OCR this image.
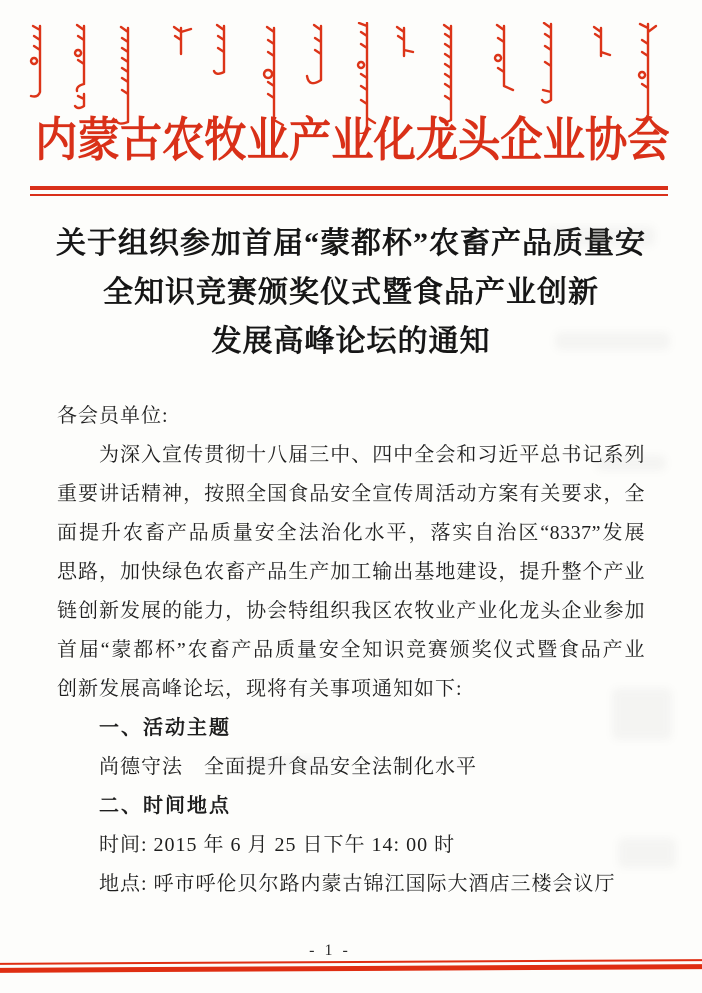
内蒙古农牧业产业化龙头企业协会
关于组织参加首届“蒙都杯”农畜产品质量安
全知识竞赛颁奖仪式暨食品产业创新
发展高峰论坛的通知
各会员单位:
为深入宣传贯彻十八届三中、四中全会和习近平总书记系列
重要讲话精神，按照全国食品安全宣传周活动方案有关要求，全
面提升农畜产品质量安全法治化水平，落实自治区“8337”发展
思路，加快绿色农畜产品生产加工输出基地建设，提升整个产业
链创新发展的能力，协会特组织我区农牧业产业化龙头企业参加
首届“蒙都杯”农畜产品质量安全知识竞赛颁奖仪式暨食品产业
创新发展高峰论坛，现将有关事项通知如下:
一、活动主题
尚德守法　全面提升食品安全法制化水平
二、时间地点
时间: 2015 年 6 月 25 日下午 14: 00 时
地点: 呼市呼伦贝尔路内蒙古锦江国际大酒店三楼会议厅
- 1 -
